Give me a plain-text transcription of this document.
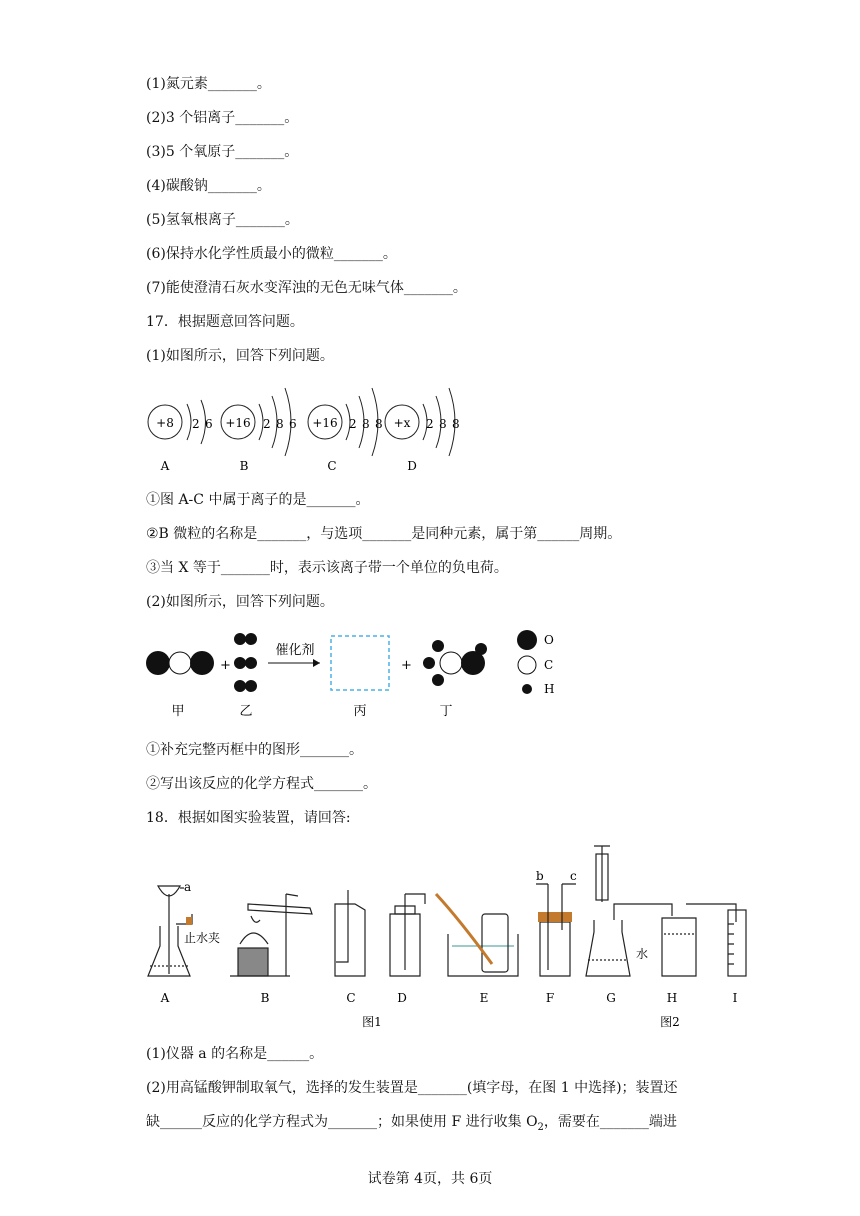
(1)氮元素_______。
(2)3 个铝离子_______。
(3)5 个氧原子_______。
(4)碳酸钠_______。
(5)氢氧根离子_______。
(6)保持水化学性质最小的微粒_______。
(7)能使澄清石灰水变浑浊的无色无味气体_______。
17．根据题意回答问题。
(1)如图所示，回答下列问题。
+8 2 6
A
+16 2 8 6
B
+16 2 8 8
C
+x 2 8 8
D
①图 A-C 中属于离子的是_______。
②B 微粒的名称是_______，与选项_______是同种元素，属于第______周期。
③当 X 等于_______时，表示该离子带一个单位的负电荷。
(2)如图所示，回答下列问题。
甲
+
乙
催化剂
丙
+
丁
O
C
H
①补充完整丙框中的图形_______。
②写出该反应的化学方程式_______。
18．根据如图实验装置，请回答:
a
止水夹
b c
水
A	B	C	D	E	F	G	H	I
图1	图2
(1)仪器 a 的名称是______。
(2)用高锰酸钾制取氧气，选择的发生装置是_______(填字母，在图 1 中选择)；装置还
缺______反应的化学方程式为_______；如果使用 F 进行收集 $O_2$，需要在_______端进
试卷第 4页，共 6页
